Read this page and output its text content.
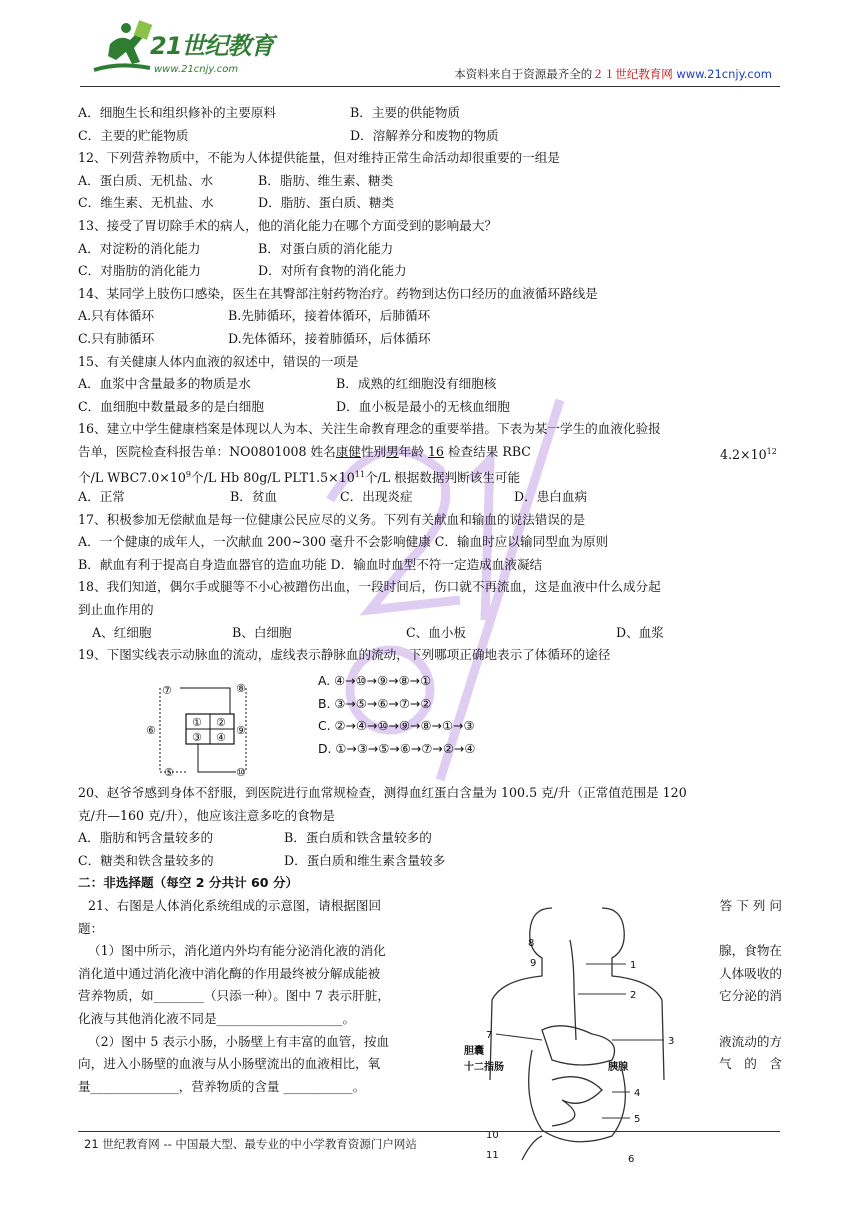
21世纪教育
www.21cnjy.com	本资料来自于资源最齐全的２１世纪教育网 www.21cnjy.com
A．细胞生长和组织修补的主要原料	B．主要的供能物质
C．主要的贮能物质	D．溶解养分和废物的物质
12、下列营养物质中，不能为人体提供能量，但对维持正常生命活动却很重要的一组是
A．蛋白质、无机盐、水	B．脂肪、维生素、糖类
C．维生素、无机盐、水	D．脂肪、蛋白质、糖类
13、接受了胃切除手术的病人，他的消化能力在哪个方面受到的影响最大？
A．对淀粉的消化能力	B．对蛋白质的消化能力
C．对脂肪的消化能力	D．对所有食物的消化能力
14、某同学上肢伤口感染，医生在其臀部注射药物治疗。药物到达伤口经历的血液循环路线是
A.只有体循环	B.先肺循环，接着体循环，后肺循环
C.只有肺循环	D.先体循环，接着肺循环，后体循环
15、有关健康人体内血液的叙述中，错误的一项是
A．血浆中含量最多的物质是水	B．成熟的红细胞没有细胞核
C．血细胞中数量最多的是白细胞	D．血小板是最小的无核血细胞
16、建立中学生健康档案是体现以人为本、关注生命教育理念的重要举措。下表为某一学生的血液化验报
告单，医院检查科报告单：NO0801008 姓名康健性别男年龄 16 检查结果 RBC	$4.2\times 10^{12}$
个/L $WBC7.0\times 10^9$个/L Hb 80g/L $PLT1.5\times 10^{11}$个/L 根据数据判断该生可能
A．正常	B．贫血	C．出现炎症	D．患白血病
17、积极参加无偿献血是每一位健康公民应尽的义务。下列有关献血和输血的说法错误的是
A．一个健康的成年人，一次献血 200~300 毫升不会影响健康 C．输血时应以输同型血为原则
B．献血有利于提高自身造血器官的造血功能 D．输血时血型不符一定造成血液凝结
18、我们知道，偶尔手或腿等不小心被蹭伤出血，一段时间后，伤口就不再流血，这是血液中什么成分起
到止血作用的
A、红细胞	B、白细胞	C、血小板	D、血浆
19、下图实线表示动脉血的流动，虚线表示静脉血的流动，下列哪项正确地表示了体循环的途径
① ②
③ ④
⑦
⑥
⑤	⑩
⑧
⑨
A. ④→⑩→⑨→⑧→①
B. ③→⑤→⑥→⑦→②
C. ②→④→⑩→⑨→⑧→①→③
D. ①→③→⑤→⑥→⑦→②→④
20、赵爷爷感到身体不舒服，到医院进行血常规检查，测得血红蛋白含量为 100.5 克/升（正常值范围是 120
克/升—160 克/升），他应该注意多吃的食物是
A．脂肪和钙含量较多的	B．蛋白质和铁含量较多的
C．糖类和铁含量较多的	D．蛋白质和维生素含量较多
二：非选择题（每空 2 分共计 60 分）
21、右图是人体消化系统组成的示意图，请根据图回	答 下 列 问
题：
（1）图中所示，消化道内外均有能分泌消化液的消化	腺，食物在
消化道中通过消化液中消化酶的作用最终被分解成能被	人体吸收的
营养物质，如________（只添一种）。图中 7 表示肝脏，	它分泌的消
化液与其他消化液不同是____________________。
（2）图中 5 表示小肠，小肠壁上有丰富的血管，按血	液流动的方
向，进入小肠壁的血液与从小肠壁流出的血液相比，氧	气　的　含
量______________，营养物质的含量 ___________。
1
2
3
4
5
6
7
8
9
10
11
胆囊
十二指肠	胰腺
21 世纪教育网 -- 中国最大型、最专业的中小学教育资源门户网站
